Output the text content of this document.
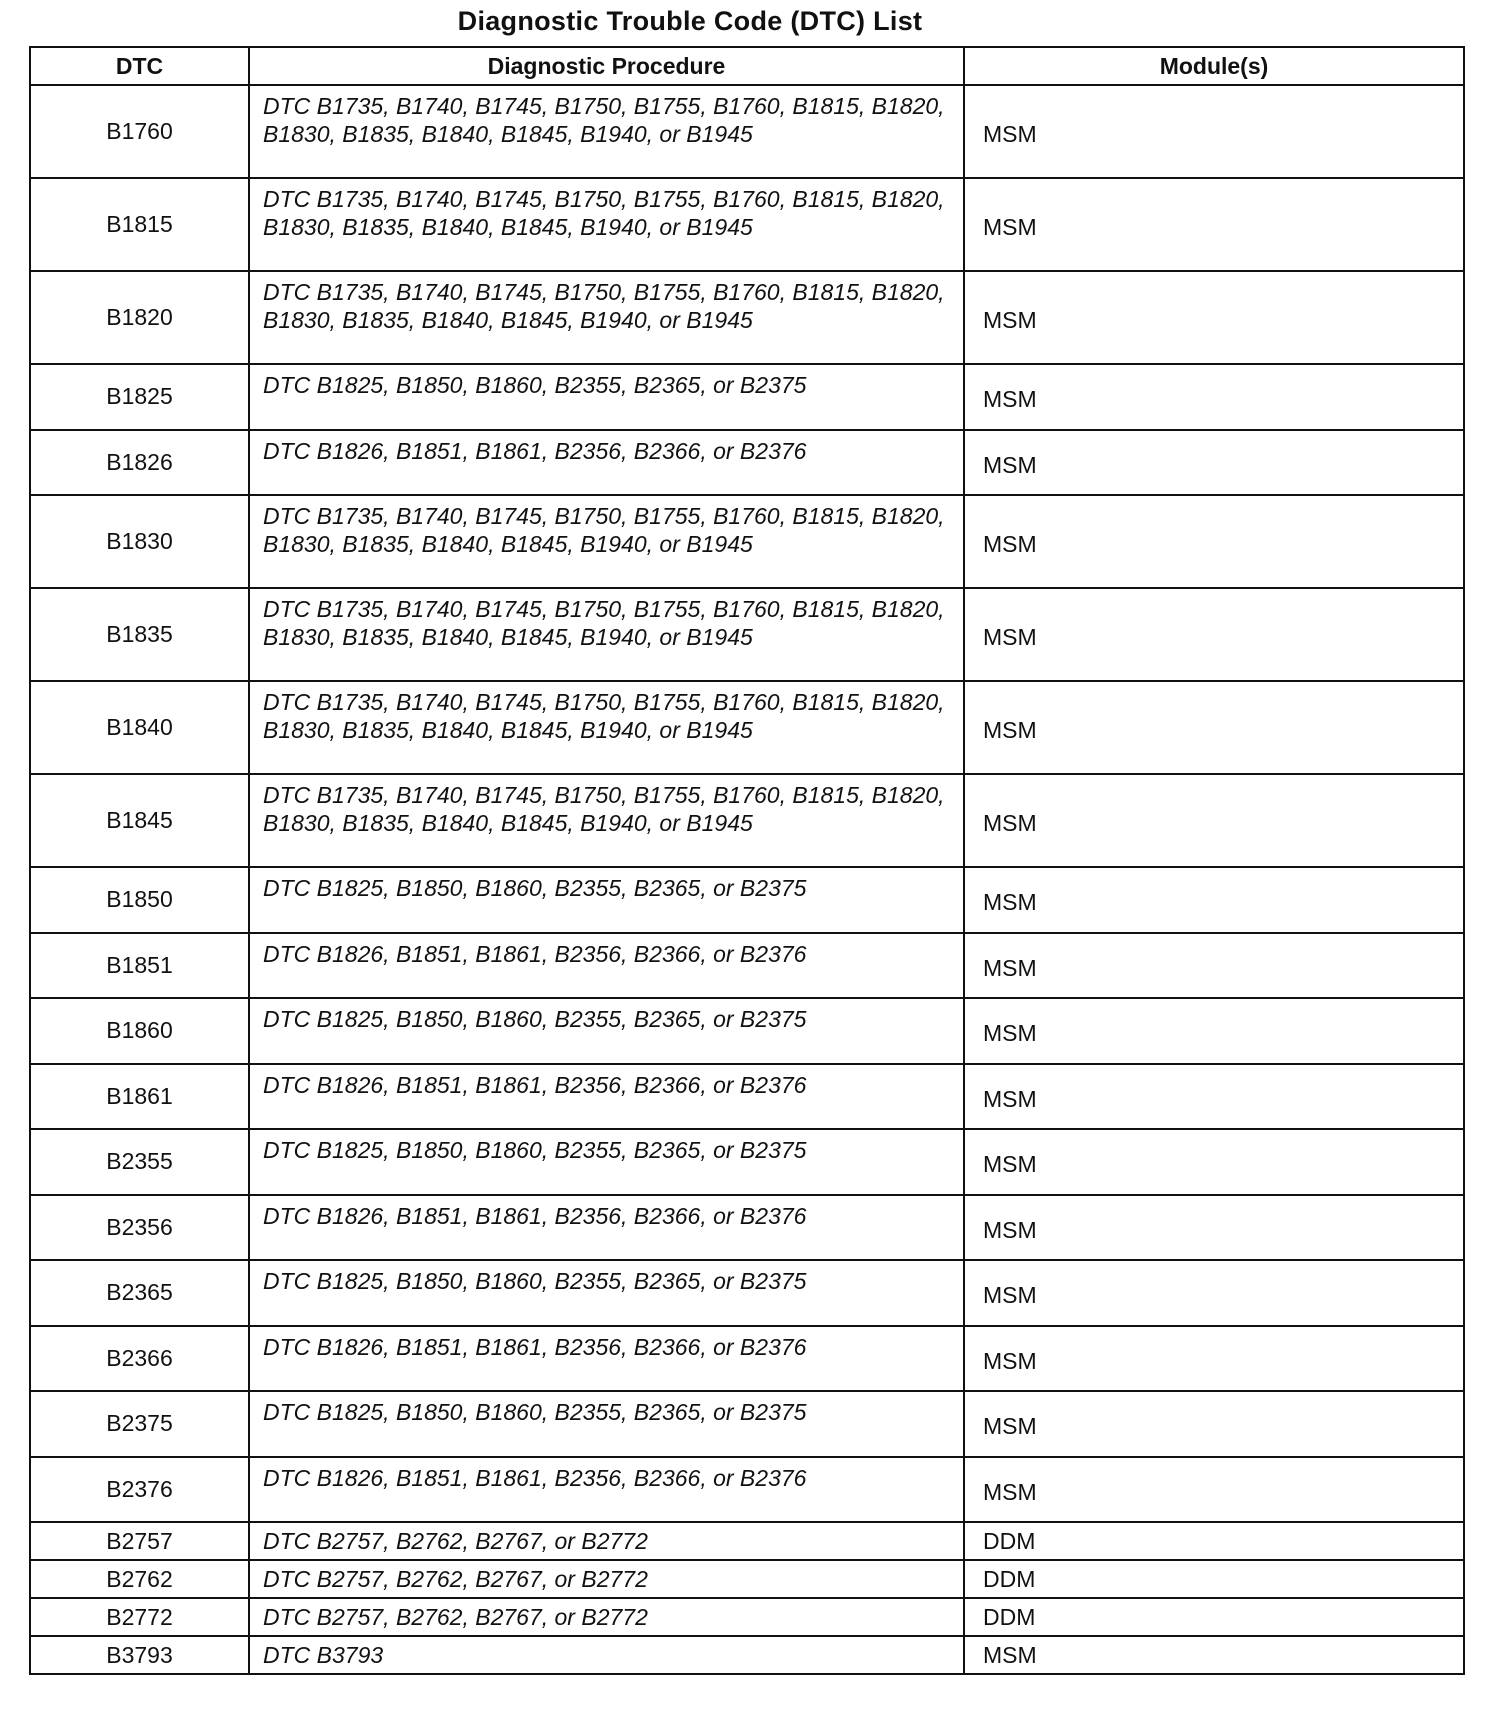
Diagnostic Trouble Code (DTC) List
DTC	Diagnostic Procedure	Module(s)
B1760	DTC B1735, B1740, B1745, B1750, B1755, B1760, B1815, B1820, B1830, B1835, B1840, B1845, B1940, or B1945	MSM
B1815	DTC B1735, B1740, B1745, B1750, B1755, B1760, B1815, B1820, B1830, B1835, B1840, B1845, B1940, or B1945	MSM
B1820	DTC B1735, B1740, B1745, B1750, B1755, B1760, B1815, B1820, B1830, B1835, B1840, B1845, B1940, or B1945	MSM
B1825	DTC B1825, B1850, B1860, B2355, B2365, or B2375	MSM
B1826	DTC B1826, B1851, B1861, B2356, B2366, or B2376	MSM
B1830	DTC B1735, B1740, B1745, B1750, B1755, B1760, B1815, B1820, B1830, B1835, B1840, B1845, B1940, or B1945	MSM
B1835	DTC B1735, B1740, B1745, B1750, B1755, B1760, B1815, B1820, B1830, B1835, B1840, B1845, B1940, or B1945	MSM
B1840	DTC B1735, B1740, B1745, B1750, B1755, B1760, B1815, B1820, B1830, B1835, B1840, B1845, B1940, or B1945	MSM
B1845	DTC B1735, B1740, B1745, B1750, B1755, B1760, B1815, B1820, B1830, B1835, B1840, B1845, B1940, or B1945	MSM
B1850	DTC B1825, B1850, B1860, B2355, B2365, or B2375	MSM
B1851	DTC B1826, B1851, B1861, B2356, B2366, or B2376	MSM
B1860	DTC B1825, B1850, B1860, B2355, B2365, or B2375	MSM
B1861	DTC B1826, B1851, B1861, B2356, B2366, or B2376	MSM
B2355	DTC B1825, B1850, B1860, B2355, B2365, or B2375	MSM
B2356	DTC B1826, B1851, B1861, B2356, B2366, or B2376	MSM
B2365	DTC B1825, B1850, B1860, B2355, B2365, or B2375	MSM
B2366	DTC B1826, B1851, B1861, B2356, B2366, or B2376	MSM
B2375	DTC B1825, B1850, B1860, B2355, B2365, or B2375	MSM
B2376	DTC B1826, B1851, B1861, B2356, B2366, or B2376	MSM
B2757	DTC B2757, B2762, B2767, or B2772	DDM
B2762	DTC B2757, B2762, B2767, or B2772	DDM
B2772	DTC B2757, B2762, B2767, or B2772	DDM
B3793	DTC B3793	MSM
